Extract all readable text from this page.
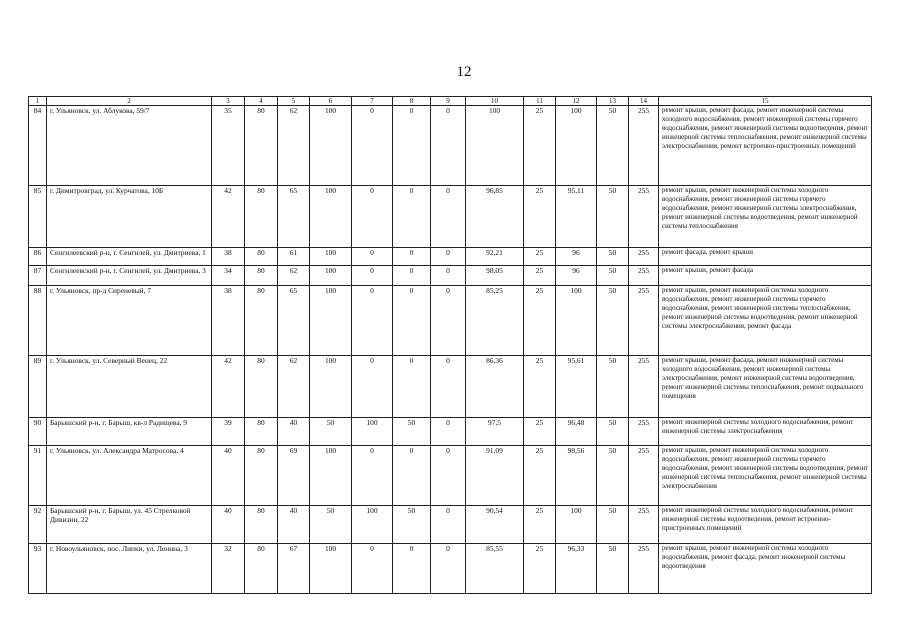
12
1	2	3	4	5	6	7	8	9	10	11	12	13	14	15
84	г. Ульяновск, ул. Аблукова, 59/7	35	80	62	100	0	0	0	100	25	100	50	255	ремонт крыши, ремонт фасада, ремонт инженерной системы холодного водоснабжения, ремонт инженерной системы горячего водоснабжения, ремонт инженерной системы водоотведения, ремонт инженерной системы теплоснабжения, ремонт инженерной системы электроснабжения, ремонт встроенно-пристроенных помещений
85	г. Димитровград, ул. Курчатова, 10Б	42	80	65	100	0	0	0	96,85	25	95,11	50	255	ремонт крыши, ремонт инженерной системы холодного водоснабжения, ремонт инженерной системы горячего водоснабжения, ремонт инженерной системы электроснабжения, ремонт инженерной системы водоотведения, ремонт инженерной системы теплоснабжения
86	Сенгилеевский р-н, г. Сенгилей, ул. Дмитриева, 1	38	80	61	100	0	0	0	92,21	25	96	50	255	ремонт фасада, ремонт крыши
87	Сенгилеевский р-н, г. Сенгилей, ул. Дмитриева, 3	34	80	62	100	0	0	0	98,05	25	96	50	255	ремонт крыши, ремонт фасада
88	г. Ульяновск, пр-д Сиреневый, 7	38	80	65	100	0	0	0	85,25	25	100	50	255	ремонт крыши, ремонт инженерной системы холодного водоснабжения, ремонт инженерной системы горячего водоснабжения, ремонт инженерной системы теплоснабжения, ремонт инженерной системы водоотведения, ремонт инженерной системы электроснабжения, ремонт фасада
89	г. Ульяновск, ул. Северный Венец, 22	42	80	62	100	0	0	0	86,36	25	95,61	50	255	ремонт крыши, ремонт фасада, ремонт инженерной системы холодного водоснабжения, ремонт инженерной системы электроснабжения, ремонт инженерной системы водоотведения, ремонт инженерной системы теплоснабжения, ремонт подвального помещения
90	Барышский р-н, г. Барыш, кв-л Радищева, 9	39	80	40	50	100	50	0	97,5	25	96,48	50	255	ремонт инженерной системы холодного водоснабжения, ремонт инженерной системы электроснабжения
91	г. Ульяновск, ул. Александра Матросова, 4	40	80	69	100	0	0	0	91,09	25	98,56	50	255	ремонт крыши, ремонт инженерной системы холодного водоснабжения, ремонт инженерной системы горячего водоснабжения, ремонт инженерной системы водоотведения, ремонт инженерной системы теплоснабжения, ремонт инженерной системы электроснабжения
92	Барышский р-н, г. Барыш, ул. 45 Стрелковой Дивизии, 22	40	80	40	50	100	50	0	90,54	25	100	50	255	ремонт инженерной системы холодного водоснабжения, ремонт инженерной системы водоотведения, ремонт встроенно-пристроенных помещений
93	г. Новоульяновск, пос. Липки, ул. Ленина, 3	32	80	67	100	0	0	0	85,55	25	96,33	50	255	ремонт крыши, ремонт инженерной системы холодного водоснабжения, ремонт фасада, ремонт инженерной системы водоотведения
